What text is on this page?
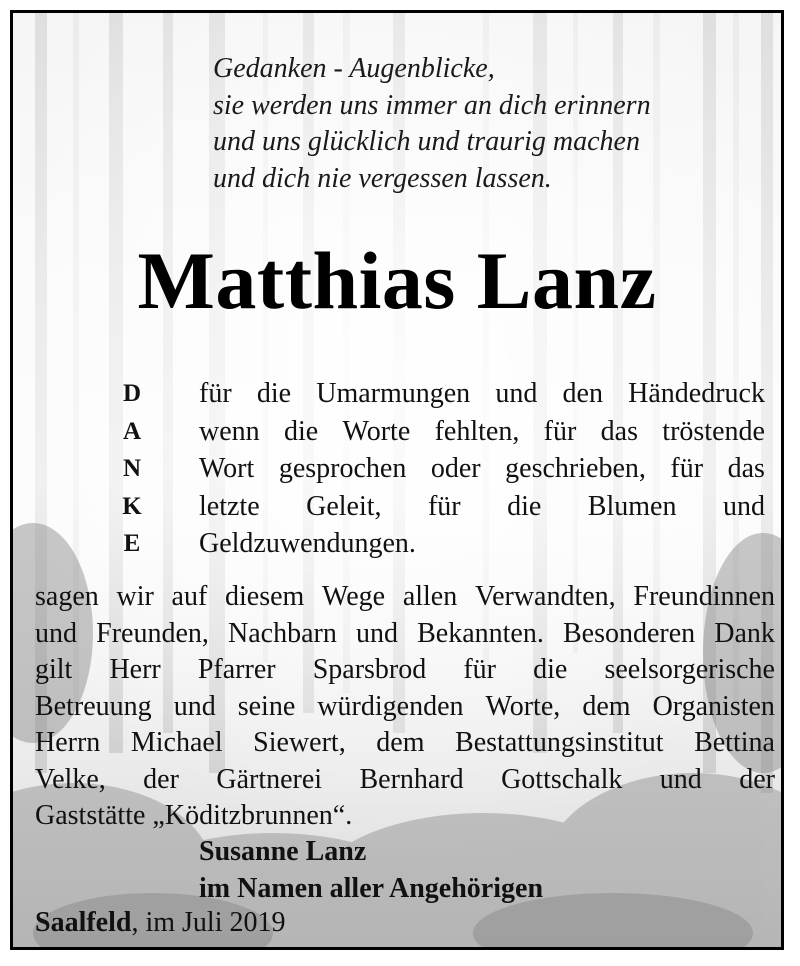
Gedanken - Augenblicke,
sie werden uns immer an dich erinnern
und uns glücklich und traurig machen
und dich nie vergessen lassen.
Matthias Lanz
D
A
N
K
E
für die Umarmungen und den Händedruck
wenn die Worte fehlten, für das tröstende
Wort gesprochen oder geschrieben, für das
letzte Geleit, für die Blumen und
Geldzuwendungen.
sagen wir auf diesem Wege allen Verwandten, Freundinnen
und Freunden, Nachbarn und Bekannten. Besonderen Dank
gilt Herr Pfarrer Sparsbrod für die seelsorgerische
Betreuung und seine würdigenden Worte, dem Organisten
Herrn Michael Siewert, dem Bestattungsinstitut Bettina
Velke, der Gärtnerei Bernhard Gottschalk und der
Gaststätte „Köditzbrunnen“.
Susanne Lanz
im Namen aller Angehörigen
Saalfeld, im Juli 2019
